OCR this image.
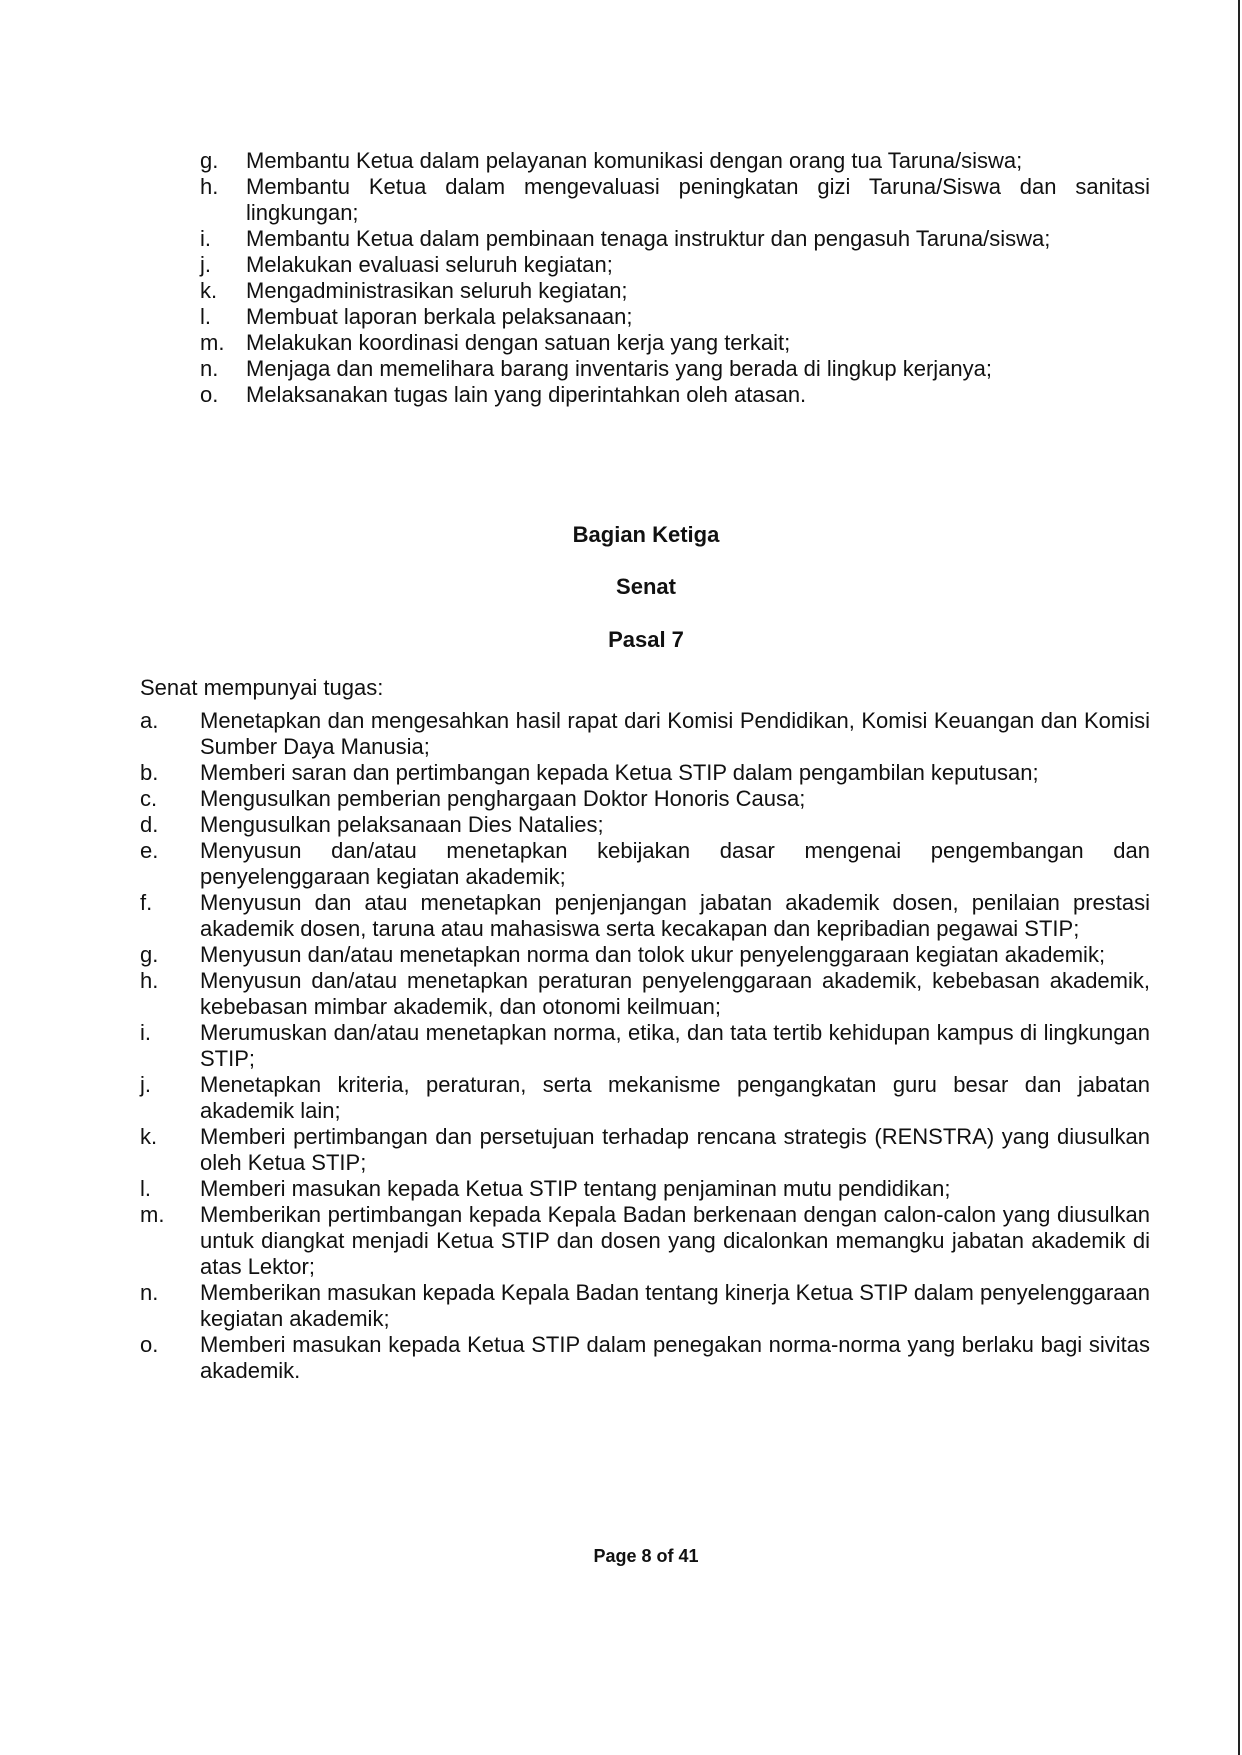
g. Membantu Ketua dalam pelayanan komunikasi dengan orang tua Taruna/siswa;
h. Membantu Ketua dalam mengevaluasi peningkatan gizi Taruna/Siswa dan sanitasi lingkungan;
i. Membantu Ketua dalam pembinaan tenaga instruktur dan pengasuh Taruna/siswa;
j. Melakukan evaluasi seluruh kegiatan;
k. Mengadministrasikan seluruh kegiatan;
l. Membuat laporan berkala pelaksanaan;
m. Melakukan koordinasi dengan satuan kerja yang terkait;
n. Menjaga dan memelihara barang inventaris yang berada di lingkup kerjanya;
o. Melaksanakan tugas lain yang diperintahkan oleh atasan.
Bagian Ketiga
Senat
Pasal 7
Senat mempunyai tugas:
a. Menetapkan dan mengesahkan hasil rapat dari Komisi Pendidikan, Komisi Keuangan dan Komisi Sumber Daya Manusia;
b. Memberi saran dan pertimbangan kepada Ketua STIP dalam pengambilan keputusan;
c. Mengusulkan pemberian penghargaan Doktor Honoris Causa;
d. Mengusulkan pelaksanaan Dies Natalies;
e. Menyusun dan/atau menetapkan kebijakan dasar mengenai pengembangan dan penyelenggaraan kegiatan akademik;
f. Menyusun dan atau menetapkan penjenjangan jabatan akademik dosen, penilaian prestasi akademik dosen, taruna atau mahasiswa serta kecakapan dan kepribadian pegawai STIP;
g. Menyusun dan/atau menetapkan norma dan tolok ukur penyelenggaraan kegiatan akademik;
h. Menyusun dan/atau menetapkan peraturan penyelenggaraan akademik, kebebasan akademik, kebebasan mimbar akademik, dan otonomi keilmuan;
i. Merumuskan dan/atau menetapkan norma, etika, dan tata tertib kehidupan kampus di lingkungan STIP;
j. Menetapkan kriteria, peraturan, serta mekanisme pengangkatan guru besar dan jabatan akademik lain;
k. Memberi pertimbangan dan persetujuan terhadap rencana strategis (RENSTRA) yang diusulkan oleh Ketua STIP;
l. Memberi masukan kepada Ketua STIP tentang penjaminan mutu pendidikan;
m. Memberikan pertimbangan kepada Kepala Badan berkenaan dengan calon-calon yang diusulkan untuk diangkat menjadi Ketua STIP dan dosen yang dicalonkan memangku jabatan akademik di atas Lektor;
n. Memberikan masukan kepada Kepala Badan tentang kinerja Ketua STIP dalam penyelenggaraan kegiatan akademik;
o. Memberi masukan kepada Ketua STIP dalam penegakan norma-norma yang berlaku bagi sivitas akademik.
Page 8 of 41
